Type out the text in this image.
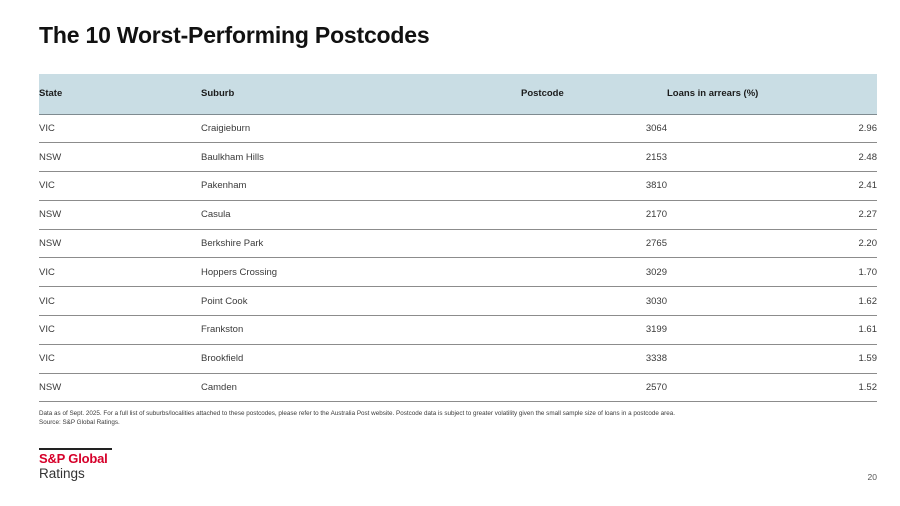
The 10 Worst-Performing Postcodes
State	Suburb	Postcode	Loans in arrears (%)
VIC	Craigieburn	3064	2.96
NSW	Baulkham Hills	2153	2.48
VIC	Pakenham	3810	2.41
NSW	Casula	2170	2.27
NSW	Berkshire Park	2765	2.20
VIC	Hoppers Crossing	3029	1.70
VIC	Point Cook	3030	1.62
VIC	Frankston	3199	1.61
VIC	Brookfield	3338	1.59
NSW	Camden	2570	1.52
Data as of Sept. 2025. For a full list of suburbs/localities attached to these postcodes, please refer to the Australia Post website. Postcode data is subject to greater volatility given the small sample size of loans in a postcode area.
Source: S&P Global Ratings.
S&P Global
Ratings	20
